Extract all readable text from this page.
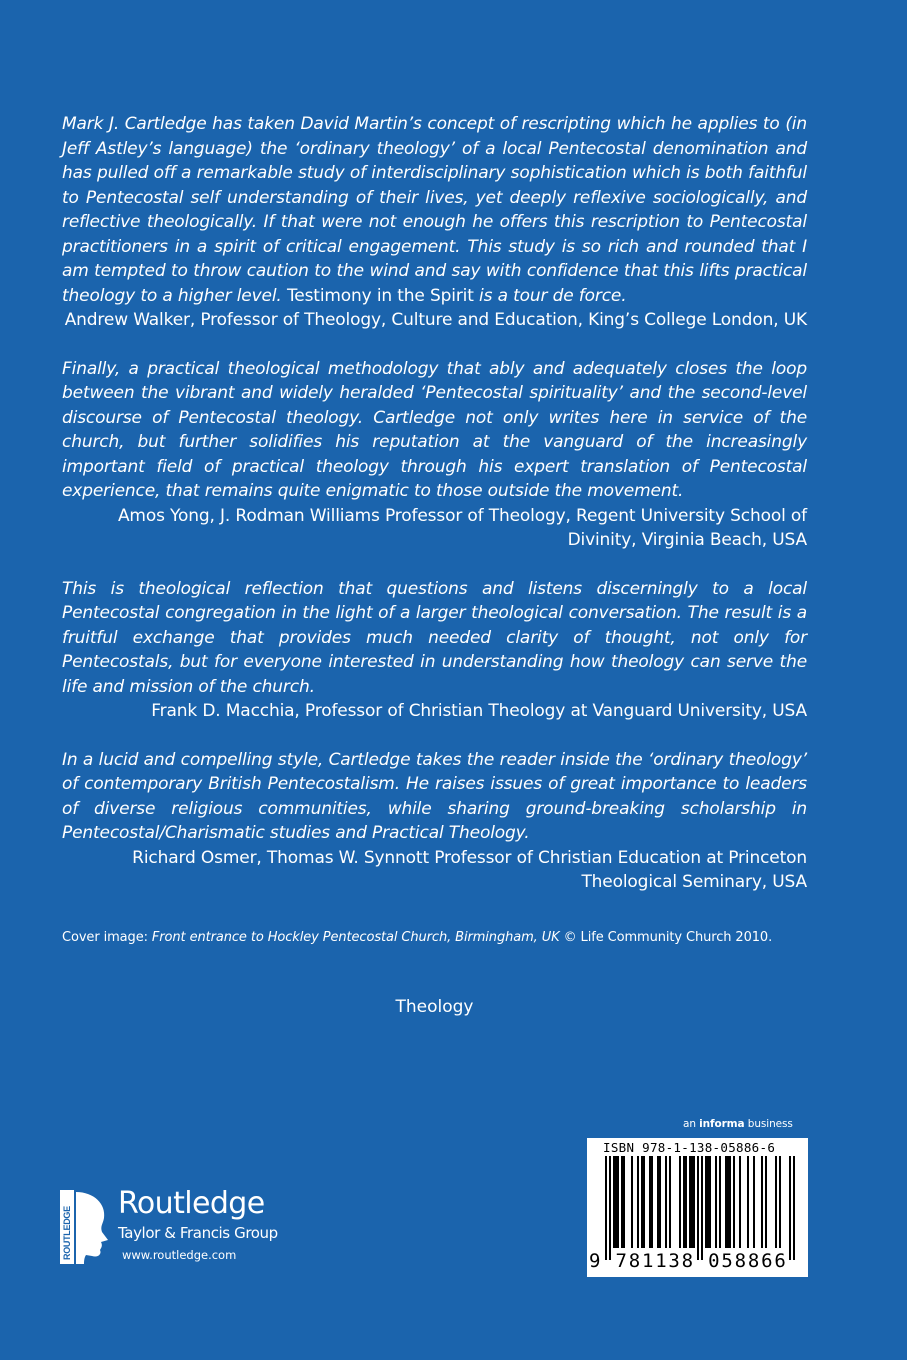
Mark J. Cartledge has taken David Martin’s concept of rescripting which he applies to (in Jeff Astley’s language) the ‘ordinary theology’ of a local Pentecostal denomination and has pulled off a remarkable study of interdisciplinary sophistication which is both faithful to Pentecostal self understanding of their lives, yet deeply reflexive sociologically, and reflective theologically. If that were not enough he offers this rescription to Pentecostal practitioners in a spirit of critical engagement. This study is so rich and rounded that I am tempted to throw caution to the wind and say with confidence that this lifts practical theology to a higher level. Testimony in the Spirit is a tour de force.
Andrew Walker, Professor of Theology, Culture and Education, King’s College London, UK
Finally, a practical theological methodology that ably and adequately closes the loop between the vibrant and widely heralded ‘Pentecostal spirituality’ and the second-level discourse of Pentecostal theology. Cartledge not only writes here in service of the church, but further solidifies his reputation at the vanguard of the increasingly important field of practical theology through his expert translation of Pentecostal experience, that remains quite enigmatic to those outside the movement.
Amos Yong, J. Rodman Williams Professor of Theology, Regent University School of
Divinity, Virginia Beach, USA
This is theological reflection that questions and listens discerningly to a local Pentecostal congregation in the light of a larger theological conversation. The result is a fruitful exchange that provides much needed clarity of thought, not only for Pentecostals, but for everyone interested in understanding how theology can serve the life and mission of the church.
Frank D. Macchia, Professor of Christian Theology at Vanguard University, USA
In a lucid and compelling style, Cartledge takes the reader inside the ‘ordinary theology’ of contemporary British Pentecostalism. He raises issues of great importance to leaders of diverse religious communities, while sharing ground-breaking scholarship in Pentecostal/Charismatic studies and Practical Theology.
Richard Osmer, Thomas W. Synnott Professor of Christian Education at Princeton
Theological Seminary, USA
Cover image: Front entrance to Hockley Pentecostal Church, Birmingham, UK © Life Community Church 2010.
Theology
an informa business
ROUTLEDGE
Routledge
Taylor & Francis Group
www.routledge.com
ISBN 978-1-138-05886-6
9 781138 058866
